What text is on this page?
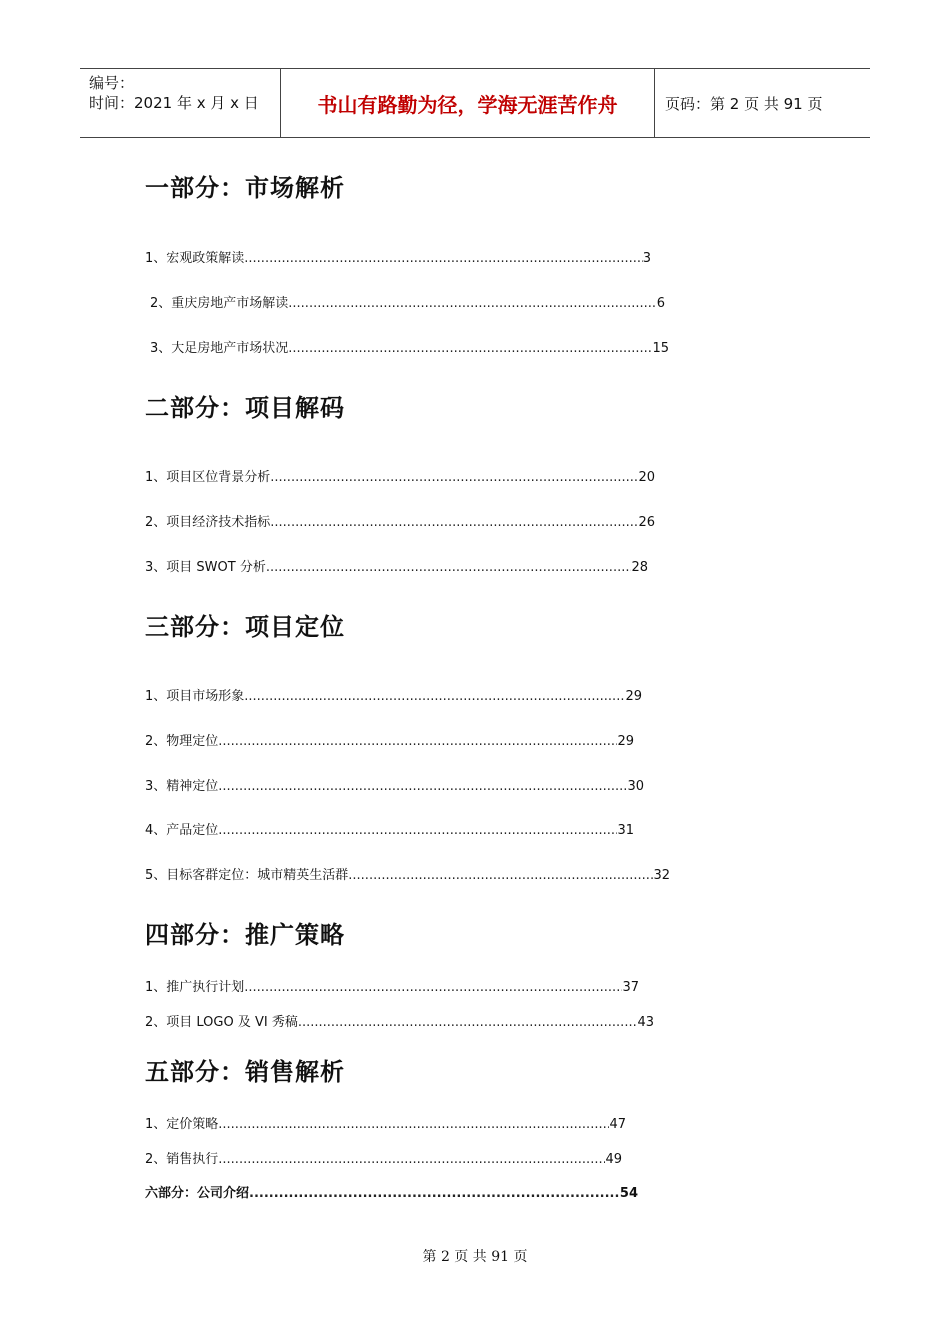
编号：
时间：2021 年 x 月 x 日	书山有路勤为径，学海无涯苦作舟	页码：第 2 页 共 91 页
一部分：市场解析
1、宏观政策解读 .....	3
2、重庆房地产市场解读 .....	6
3、大足房地产市场状况 .....	15
二部分：项目解码
1、项目区位背景分析 .....	20
2、项目经济技术指标 .....	26
3、项目 SWOT 分析 .....	28
三部分：项目定位
1、项目市场形象 .....	29
2、物理定位 .....	29
3、精神定位 .....	30
4、产品定位 .....	31
5、目标客群定位：城市精英生活群 .....	32
四部分：推广策略
1、推广执行计划 .....	37
2、项目 LOGO 及 VI 秀稿 .....	43
五部分：销售解析
1、定价策略 .....	47
2、销售执行 .....	49
六部分：公司介绍 .....	54
第 2 页 共 91 页
